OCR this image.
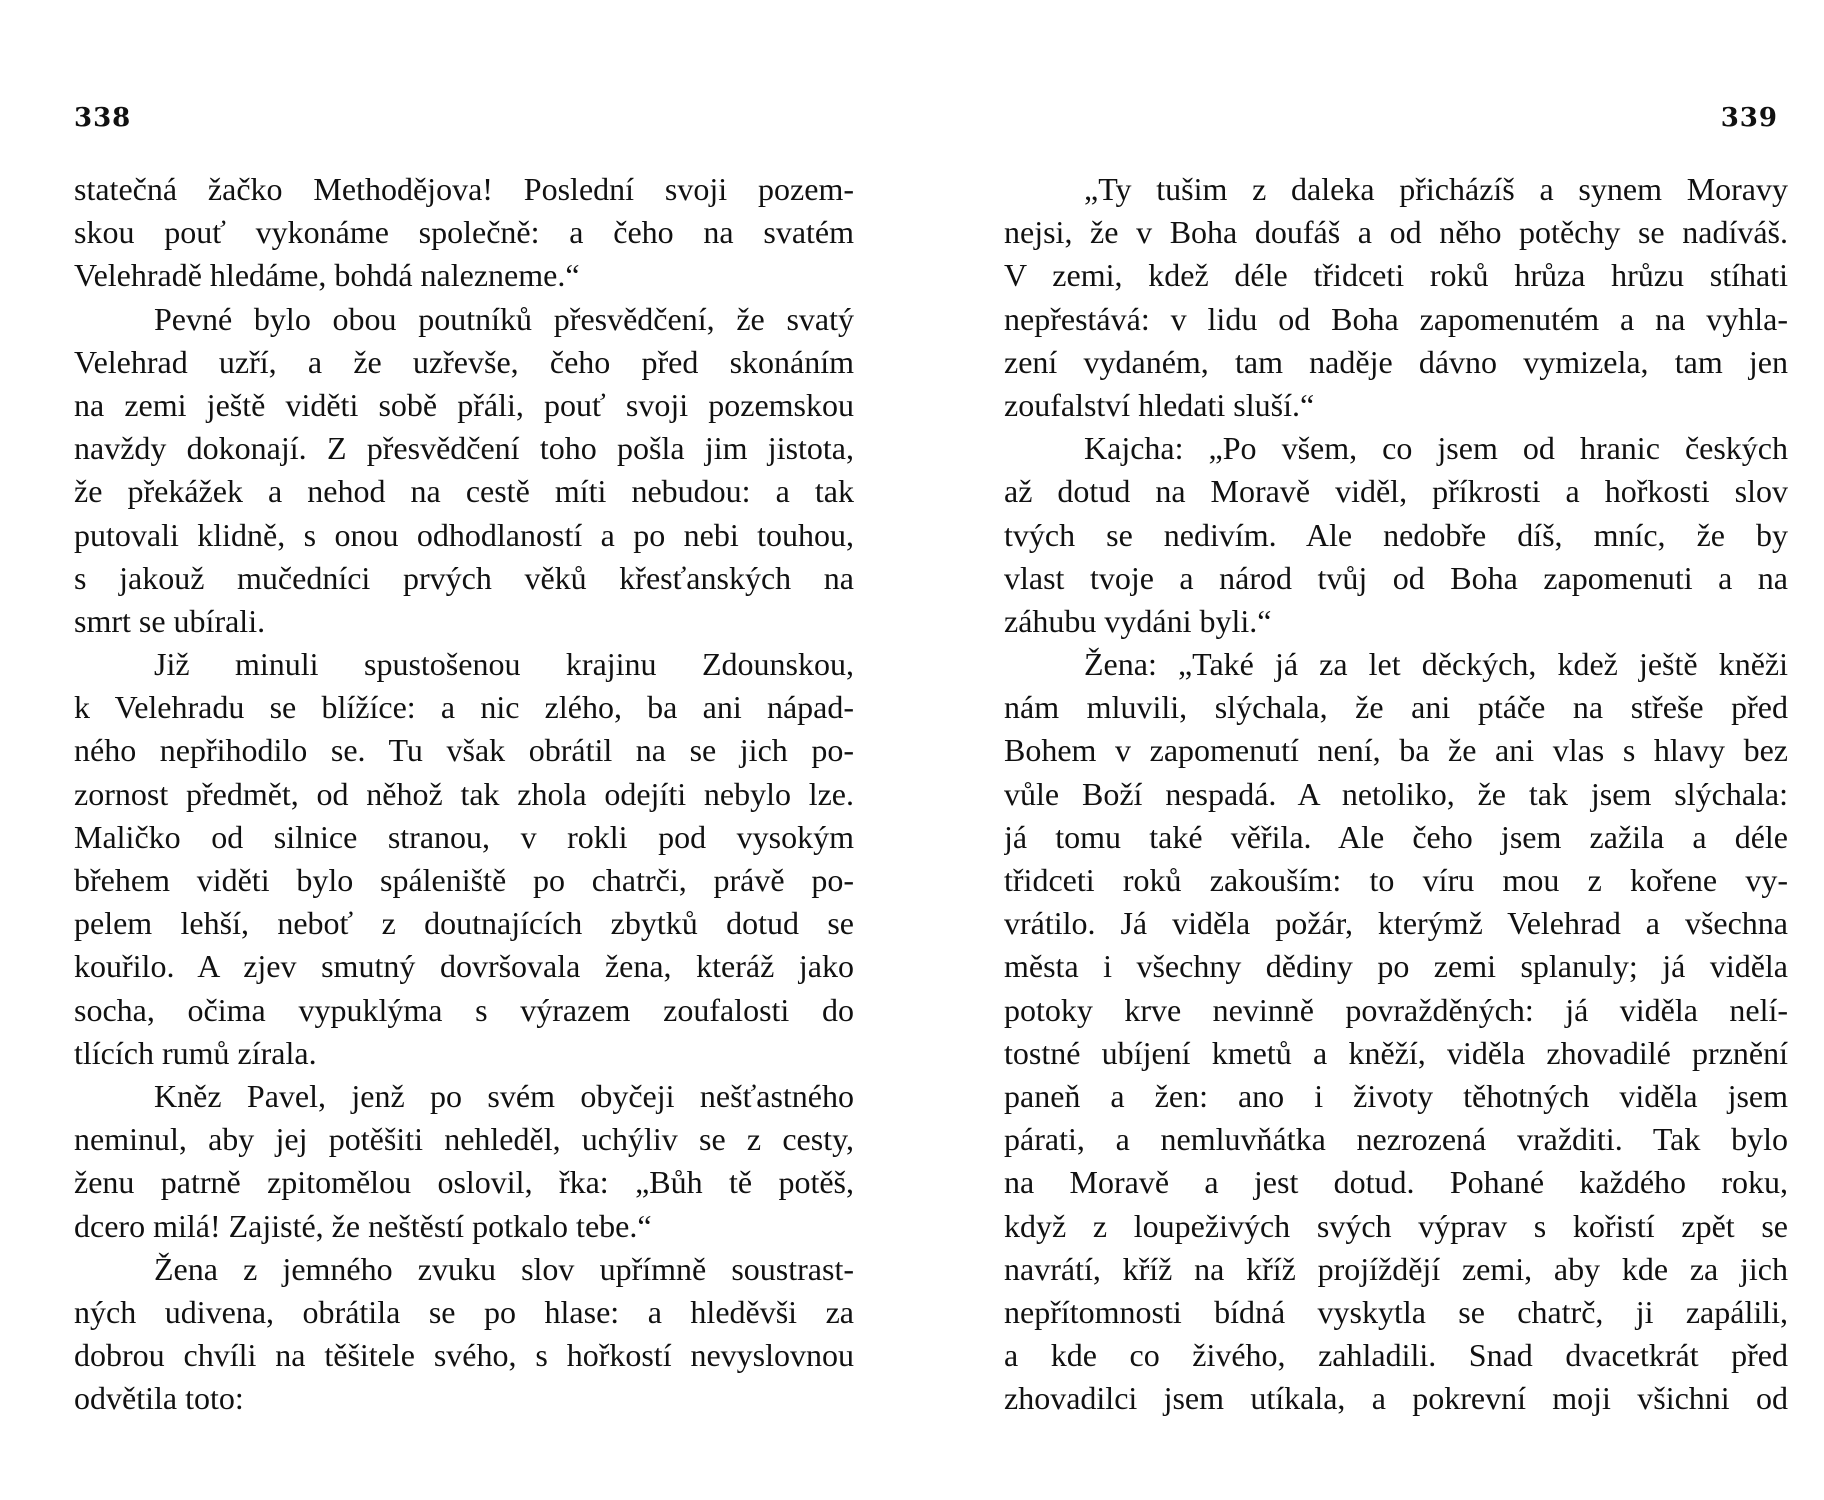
338
statečná žačko Methodějova! Poslední svoji pozem-
skou pouť vykonáme společně: a čeho na svatém
Velehradě hledáme, bohdá nalezneme.“
Pevné bylo obou poutníků přesvědčení, že svatý
Velehrad uzří, a že uzřevše, čeho před skonáním
na zemi ještě viděti sobě přáli, pouť svoji pozemskou
navždy dokonají. Z přesvědčení toho pošla jim jistota,
že překážek a nehod na cestě míti nebudou: a tak
putovali klidně, s onou odhodlaností a po nebi touhou,
s jakouž mučedníci prvých věků křesťanských na
smrt se ubírali.
Již minuli spustošenou krajinu Zdounskou,
k Velehradu se blížíce: a nic zlého, ba ani nápad-
ného nepřihodilo se. Tu však obrátil na se jich po-
zornost předmět, od něhož tak zhola odejíti nebylo lze.
Maličko od silnice stranou, v rokli pod vysokým
břehem viděti bylo spáleniště po chatrči, právě po-
pelem lehší, neboť z doutnajících zbytků dotud se
kouřilo. A zjev smutný dovršovala žena, kteráž jako
socha, očima vypuklýma s výrazem zoufalosti do
tlících rumů zírala.
Kněz Pavel, jenž po svém obyčeji nešťastného
neminul, aby jej potěšiti nehleděl, uchýliv se z cesty,
ženu patrně zpitomělou oslovil, řka: „Bůh tě potěš,
dcero milá! Zajisté, že neštěstí potkalo tebe.“
Žena z jemného zvuku slov upřímně soustrast-
ných udivena, obrátila se po hlase: a hleděvši za
dobrou chvíli na těšitele svého, s hořkostí nevyslovnou
odvětila toto:
339
„Ty tušim z daleka přicházíš a synem Moravy
nejsi, že v Boha doufáš a od něho potěchy se nadíváš.
V zemi, kdež déle třidceti roků hrůza hrůzu stíhati
nepřestává: v lidu od Boha zapomenutém a na vyhla-
zení vydaném, tam naděje dávno vymizela, tam jen
zoufalství hledati sluší.“
Kajcha: „Po všem, co jsem od hranic českých
až dotud na Moravě viděl, příkrosti a hořkosti slov
tvých se nedivím. Ale nedobře díš, mníc, že by
vlast tvoje a národ tvůj od Boha zapomenuti a na
záhubu vydáni byli.“
Žena: „Také já za let děckých, kdež ještě kněži
nám mluvili, slýchala, že ani ptáče na střeše před
Bohem v zapomenutí není, ba že ani vlas s hlavy bez
vůle Boží nespadá. A netoliko, že tak jsem slýchala:
já tomu také věřila. Ale čeho jsem zažila a déle
třidceti roků zakouším: to víru mou z kořene vy-
vrátilo. Já viděla požár, kterýmž Velehrad a všechna
města i všechny dědiny po zemi splanuly; já viděla
potoky krve nevinně povražděných: já viděla nelí-
tostné ubíjení kmetů a kněží, viděla zhovadilé prznění
paneň a žen: ano i životy těhotných viděla jsem
párati, a nemluvňátka nezrozená vražditi. Tak bylo
na Moravě a jest dotud. Pohané každého roku,
když z loupeživých svých výprav s kořistí zpět se
navrátí, kříž na kříž projíždějí zemi, aby kde za jich
nepřítomnosti bídná vyskytla se chatrč, ji zapálili,
a kde co živého, zahladili. Snad dvacetkrát před
zhovadilci jsem utíkala, a pokrevní moji všichni od
